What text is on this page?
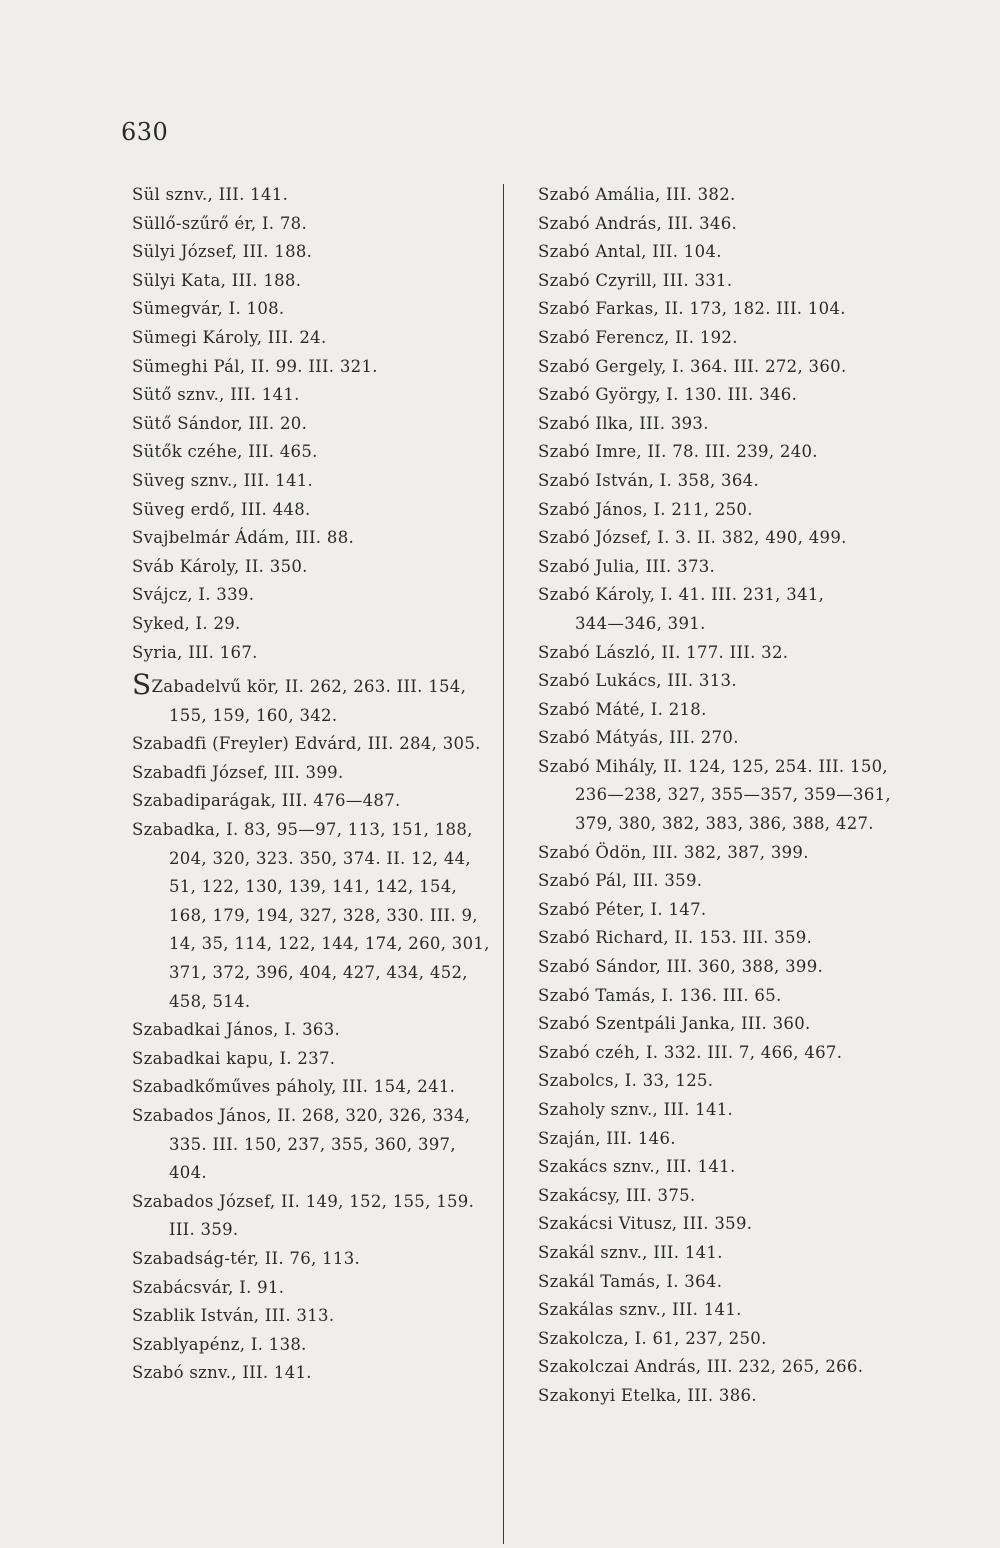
630
Sül sznv., III. 141.
Süllő-szűrő ér, I. 78.
Sülyi József, III. 188.
Sülyi Kata, III. 188.
Sümegvár, I. 108.
Sümegi Károly, III. 24.
Sümeghi Pál, II. 99. III. 321.
Sütő sznv., III. 141.
Sütő Sándor, III. 20.
Sütők czéhe, III. 465.
Süveg sznv., III. 141.
Süveg erdő, III. 448.
Svajbelmár Ádám, III. 88.
Sváb Károly, II. 350.
Svájcz, I. 339.
Syked, I. 29.
Syria, III. 167.
SZabadelvű kör, II. 262, 263. III. 154,
155, 159, 160, 342.
Szabadfi (Freyler) Edvárd, III. 284, 305.
Szabadfi József, III. 399.
Szabadiparágak, III. 476—487.
Szabadka, I. 83, 95—97, 113, 151, 188,
204, 320, 323. 350, 374. II. 12, 44,
51, 122, 130, 139, 141, 142, 154,
168, 179, 194, 327, 328, 330. III. 9,
14, 35, 114, 122, 144, 174, 260, 301,
371, 372, 396, 404, 427, 434, 452,
458, 514.
Szabadkai János, I. 363.
Szabadkai kapu, I. 237.
Szabadkőműves páholy, III. 154, 241.
Szabados János, II. 268, 320, 326, 334,
335. III. 150, 237, 355, 360, 397,
404.
Szabados József, II. 149, 152, 155, 159.
III. 359.
Szabadság-tér, II. 76, 113.
Szabácsvár, I. 91.
Szablik István, III. 313.
Szablyapénz, I. 138.
Szabó sznv., III. 141.
Szabó Amália, III. 382.
Szabó András, III. 346.
Szabó Antal, III. 104.
Szabó Czyrill, III. 331.
Szabó Farkas, II. 173, 182. III. 104.
Szabó Ferencz, II. 192.
Szabó Gergely, I. 364. III. 272, 360.
Szabó György, I. 130. III. 346.
Szabó Ilka, III. 393.
Szabó Imre, II. 78. III. 239, 240.
Szabó István, I. 358, 364.
Szabó János, I. 211, 250.
Szabó József, I. 3. II. 382, 490, 499.
Szabó Julia, III. 373.
Szabó Károly, I. 41. III. 231, 341,
344—346, 391.
Szabó László, II. 177. III. 32.
Szabó Lukács, III. 313.
Szabó Máté, I. 218.
Szabó Mátyás, III. 270.
Szabó Mihály, II. 124, 125, 254. III. 150,
236—238, 327, 355—357, 359—361,
379, 380, 382, 383, 386, 388, 427.
Szabó Ödön, III. 382, 387, 399.
Szabó Pál, III. 359.
Szabó Péter, I. 147.
Szabó Richard, II. 153. III. 359.
Szabó Sándor, III. 360, 388, 399.
Szabó Tamás, I. 136. III. 65.
Szabó Szentpáli Janka, III. 360.
Szabó czéh, I. 332. III. 7, 466, 467.
Szabolcs, I. 33, 125.
Szaholy sznv., III. 141.
Szaján, III. 146.
Szakács sznv., III. 141.
Szakácsy, III. 375.
Szakácsi Vitusz, III. 359.
Szakál sznv., III. 141.
Szakál Tamás, I. 364.
Szakálas sznv., III. 141.
Szakolcza, I. 61, 237, 250.
Szakolczai András, III. 232, 265, 266.
Szakonyi Etelka, III. 386.
